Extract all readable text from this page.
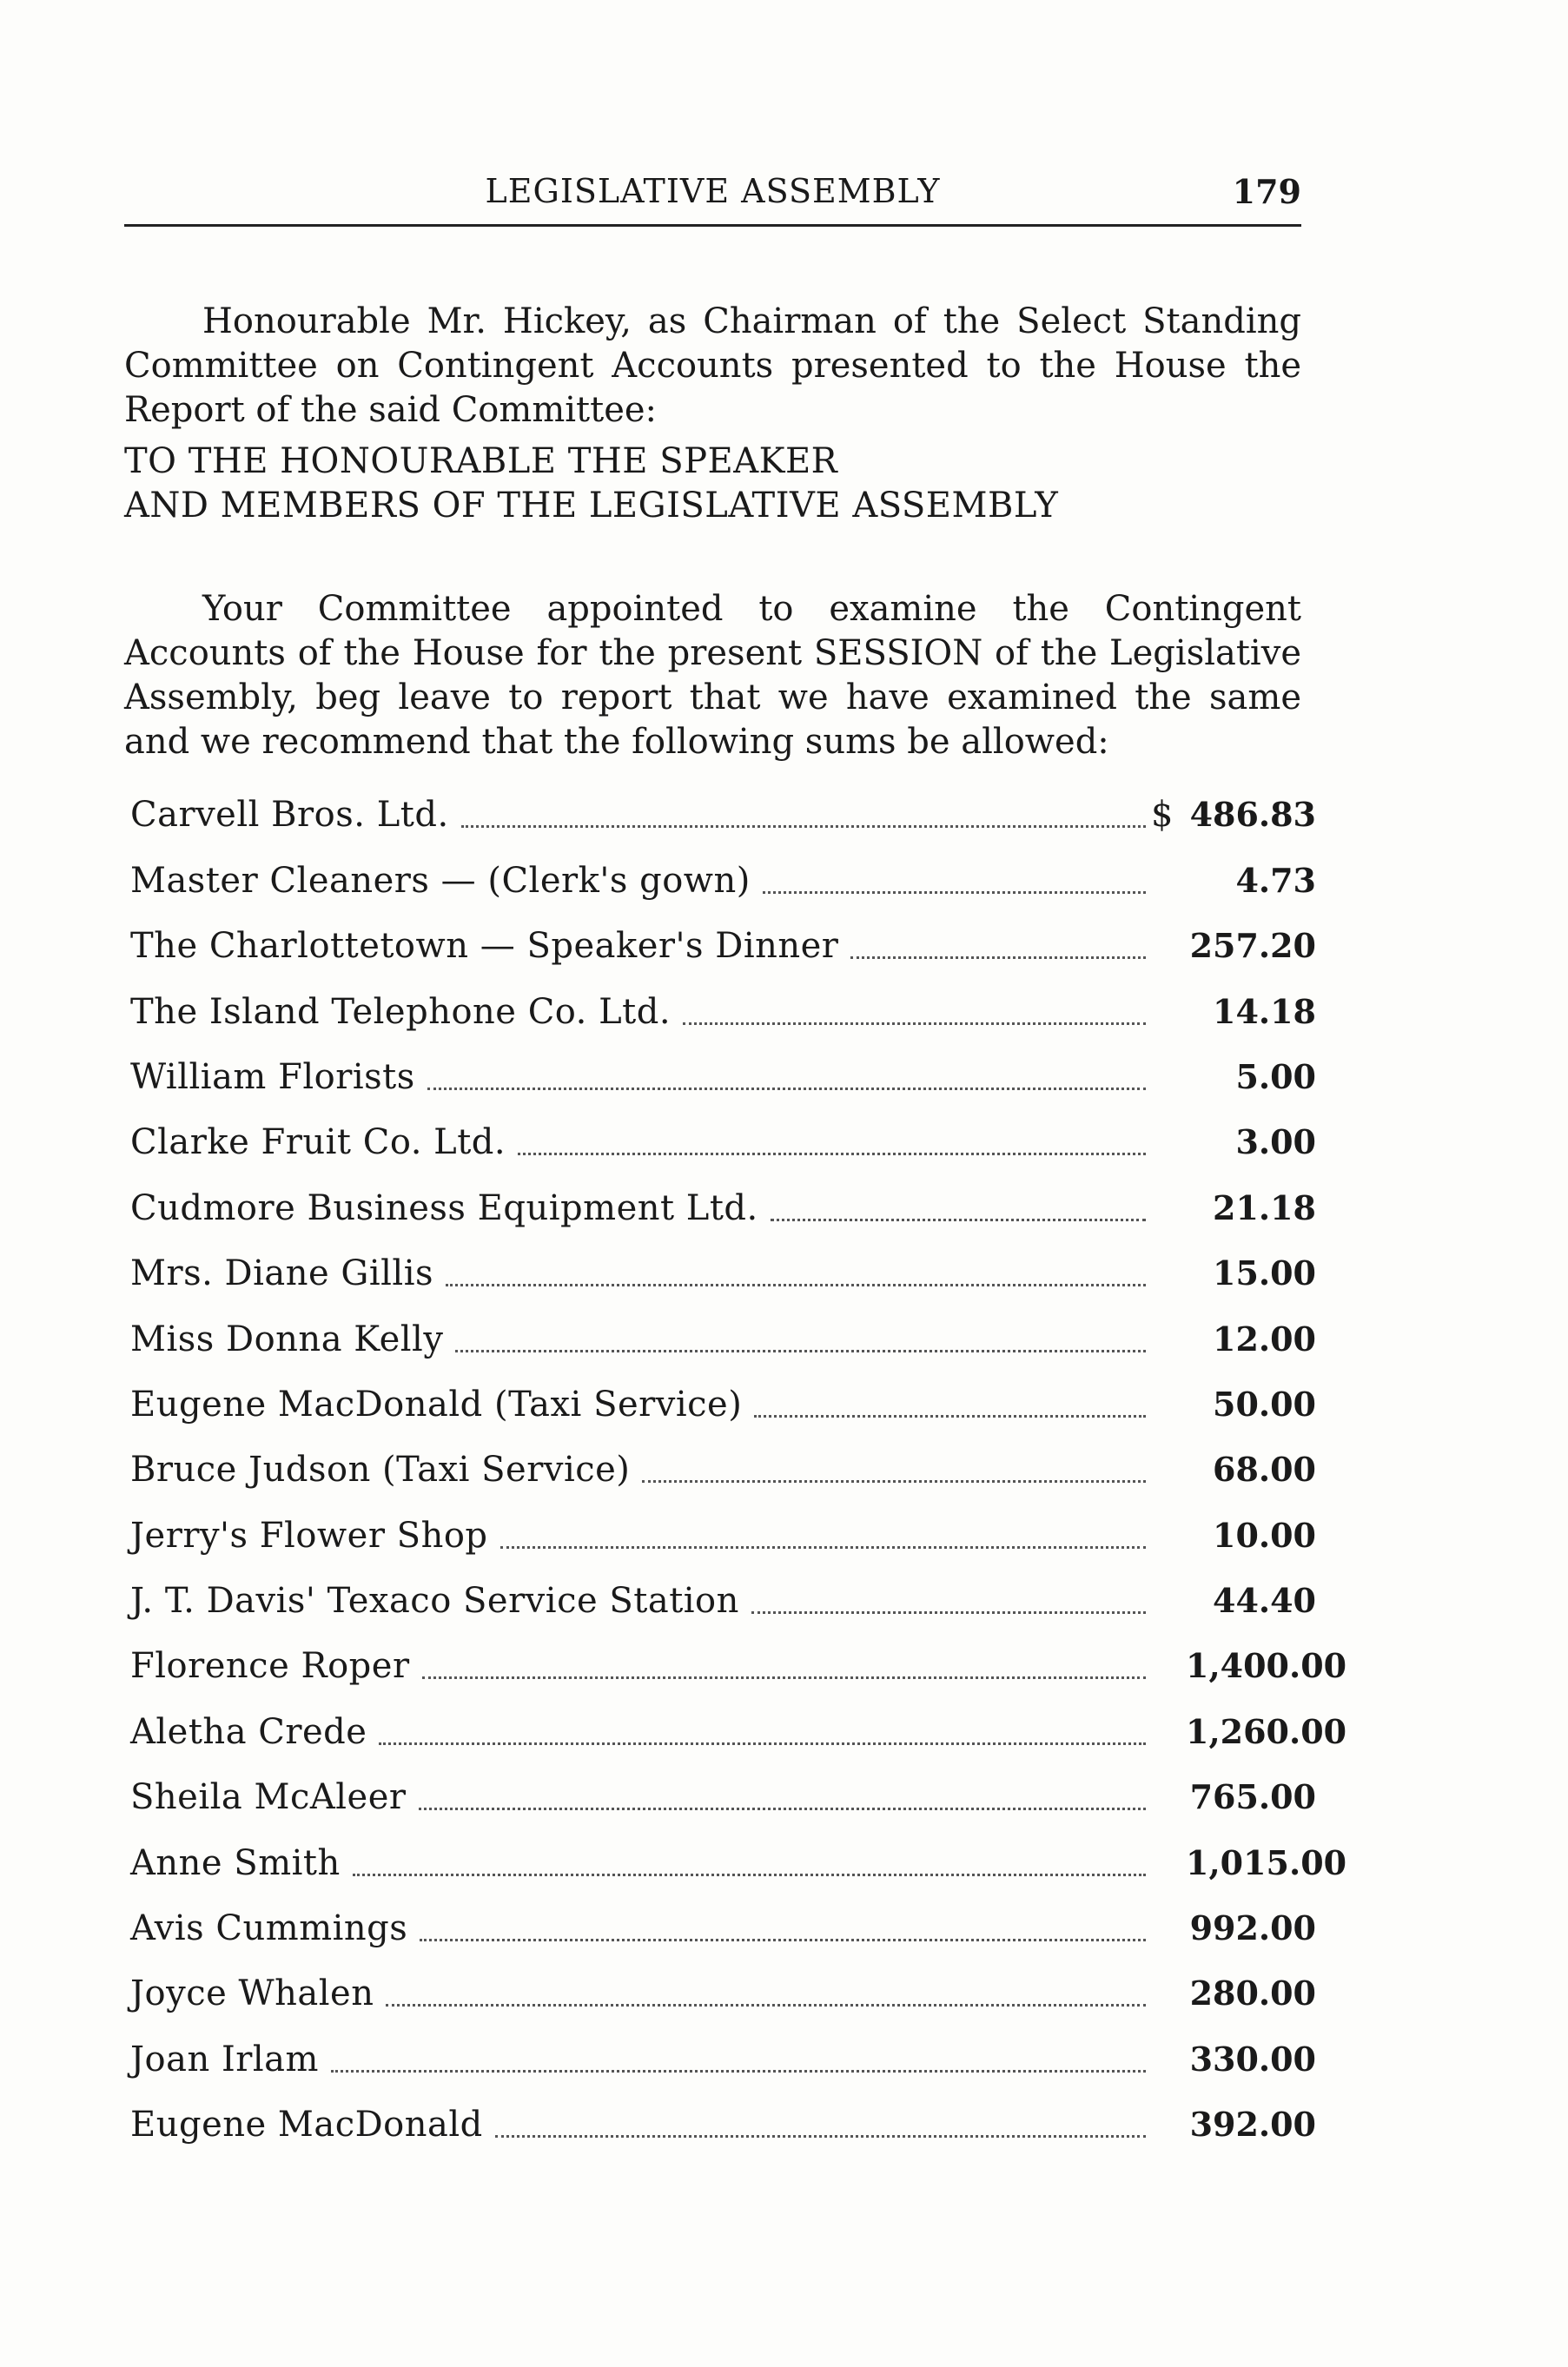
LEGISLATIVE ASSEMBLY	179

Honourable Mr. Hickey, as Chairman of the Select Standing Committee on Contingent Accounts presented to the House the Report of the said Committee:

TO THE HONOURABLE THE SPEAKER
AND MEMBERS OF THE LEGISLATIVE ASSEMBLY

Your Committee appointed to examine the Contingent Accounts of the House for the present SESSION of the Legislative Assembly, beg leave to report that we have examined the same and we recommend that the following sums be allowed:

Carvell Bros. Ltd.	$ 486.83
Master Cleaners — (Clerk's gown)	4.73
The Charlottetown — Speaker's Dinner	257.20
The Island Telephone Co. Ltd.	14.18
William Florists	5.00
Clarke Fruit Co. Ltd.	3.00
Cudmore Business Equipment Ltd.	21.18
Mrs. Diane Gillis	15.00
Miss Donna Kelly	12.00
Eugene MacDonald (Taxi Service)	50.00
Bruce Judson (Taxi Service)	68.00
Jerry's Flower Shop	10.00
J. T. Davis' Texaco Service Station	44.40
Florence Roper	1,400.00
Aletha Crede	1,260.00
Sheila McAleer	765.00
Anne Smith	1,015.00
Avis Cummings	992.00
Joyce Whalen	280.00
Joan Irlam	330.00
Eugene MacDonald	392.00
